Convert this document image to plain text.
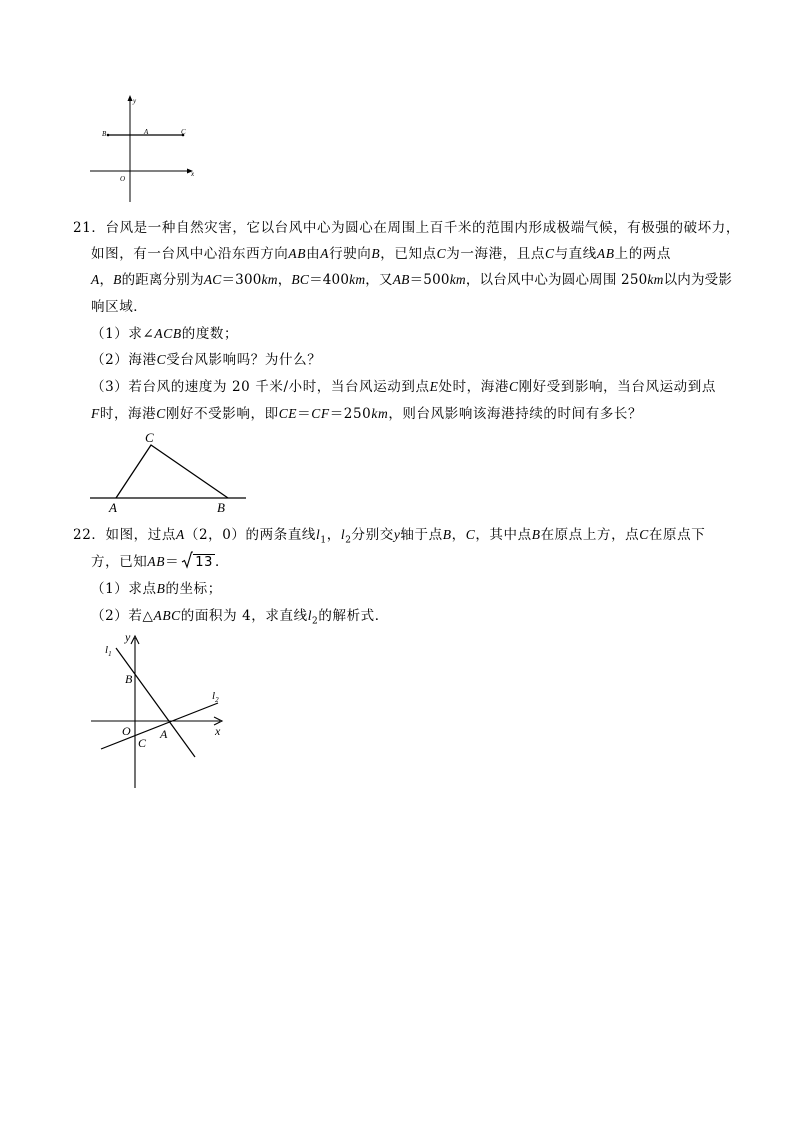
y
x
O
B	A	C
21．台风是一种自然灾害，它以台风中心为圆心在周围上百千米的范围内形成极端气候，有极强的破坏力，
如图，有一台风中心沿东西方向AB由A行驶向B，已知点C为一海港，且点C与直线AB上的两点
A，B的距离分别为AC＝300km，BC＝400km，又AB＝500km，以台风中心为圆心周围 250km以内为受影
响区域．
（1）求∠ACB的度数；
（2）海港C受台风影响吗？为什么？
（3）若台风的速度为 20 千米/小时，当台风运动到点E处时，海港C刚好受到影响，当台风运动到点
F时，海港C刚好不受影响，即CE＝CF＝250km，则台风影响该海港持续的时间有多长？
C
A	B
22．如图，过点A（2，0）的两条直线$l_1$，$l_2$分别交y轴于点B，C，其中点B在原点上方，点C在原点下
方，已知AB＝ 13 ．
（1）求点B的坐标；
（2）若△ABC的面积为 4，求直线$l_2$的解析式．
y
x
O
B
A
C
$l_1$
$l_2$
